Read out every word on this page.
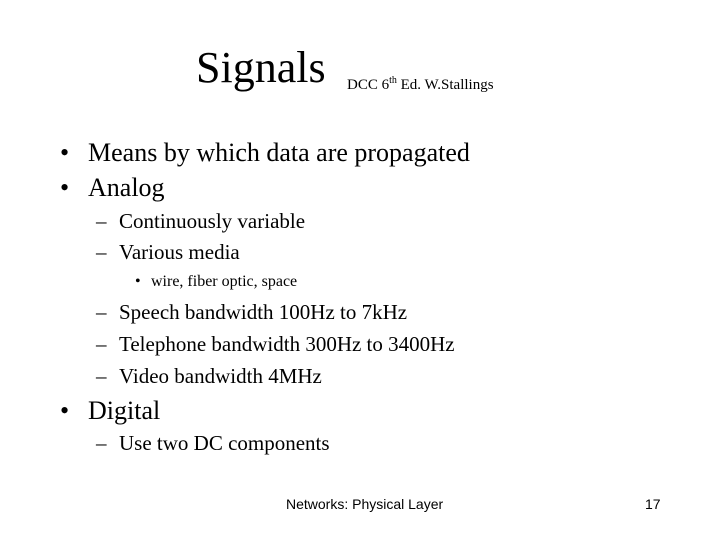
Signals DCC 6th Ed. W.Stallings
• Means by which data are propagated
• Analog
– Continuously variable
– Various media
• wire, fiber optic, space
– Speech bandwidth 100Hz to 7kHz
– Telephone bandwidth 300Hz to 3400Hz
– Video bandwidth 4MHz
• Digital
– Use two DC components
Networks: Physical Layer	17
